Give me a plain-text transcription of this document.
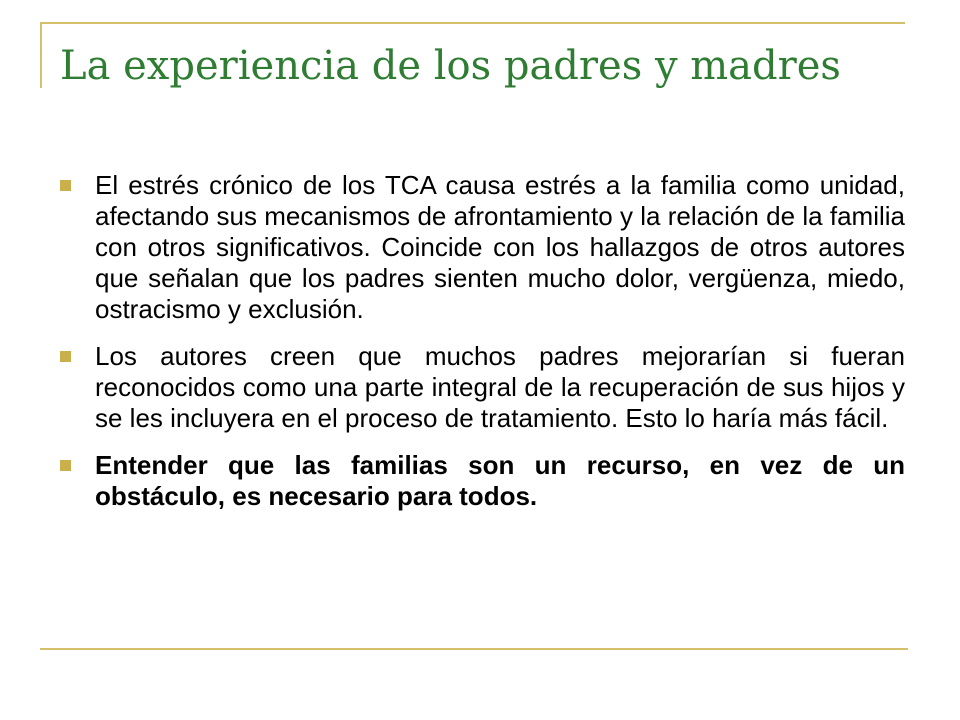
La experiencia de los padres y madres
El estrés crónico de los TCA causa estrés a la familia como unidad, afectando sus mecanismos de afrontamiento y la relación de la familia con otros significativos. Coincide con los hallazgos de otros autores que señalan que los padres sienten mucho dolor, vergüenza, miedo, ostracismo y exclusión.
Los autores creen que muchos padres mejorarían si fueran reconocidos como una parte integral de la recuperación de sus hijos y se les incluyera en el proceso de tratamiento. Esto lo haría más fácil.
Entender que las familias son un recurso, en vez de un obstáculo, es necesario para todos.
